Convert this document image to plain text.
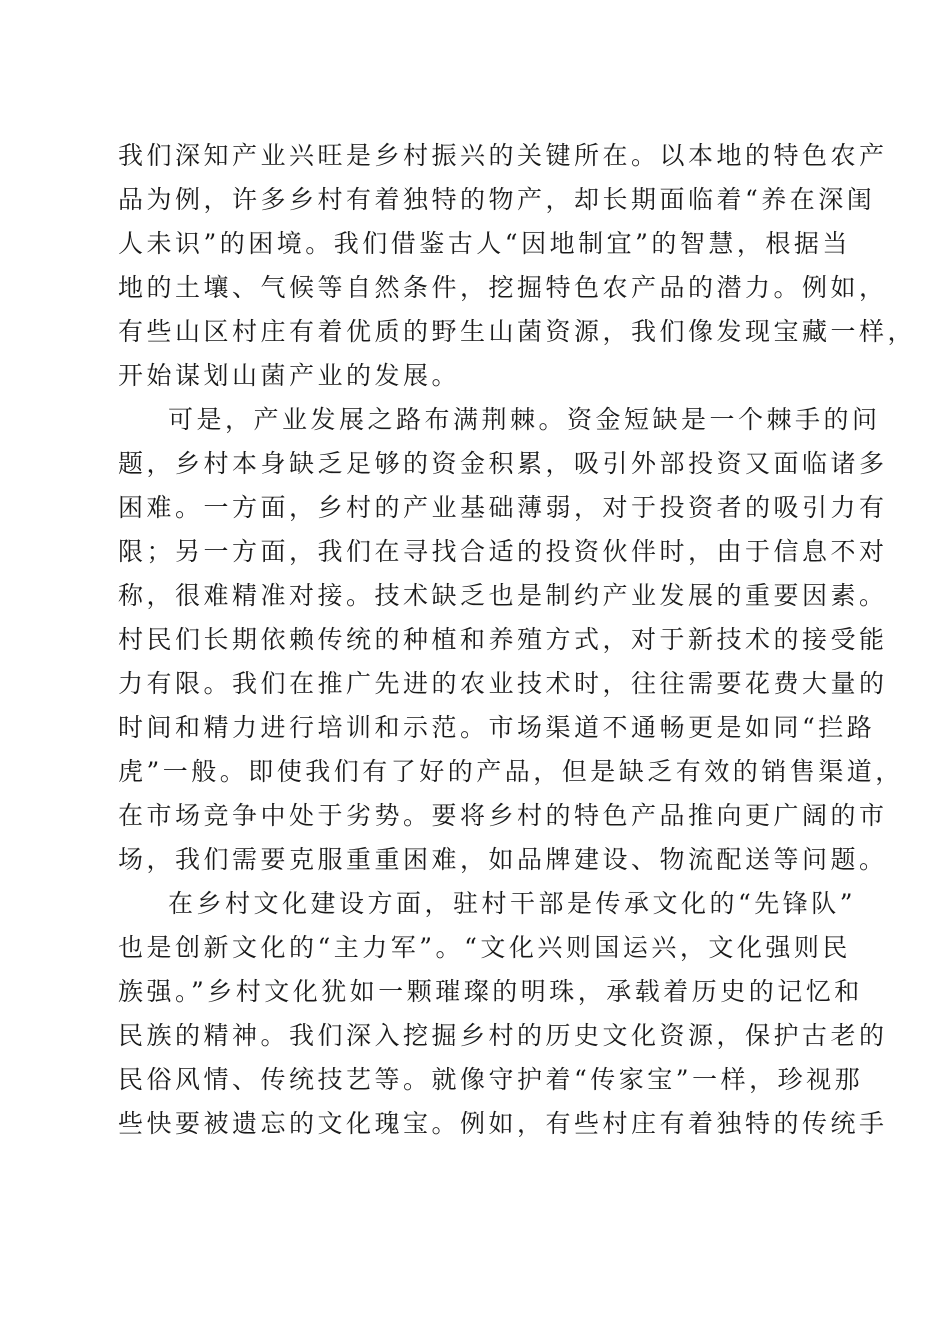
我们深知产业兴旺是乡村振兴的关键所在。以本地的特色农产
品为例，许多乡村有着独特的物产，却长期面临着“养在深闺
人未识”的困境。我们借鉴古人“因地制宜”的智慧，根据当
地的土壤、气候等自然条件，挖掘特色农产品的潜力。例如，
有些山区村庄有着优质的野生山菌资源，我们像发现宝藏一样，
开始谋划山菌产业的发展。
可是，产业发展之路布满荆棘。资金短缺是一个棘手的问
题，乡村本身缺乏足够的资金积累，吸引外部投资又面临诸多
困难。一方面，乡村的产业基础薄弱，对于投资者的吸引力有
限；另一方面，我们在寻找合适的投资伙伴时，由于信息不对
称，很难精准对接。技术缺乏也是制约产业发展的重要因素。
村民们长期依赖传统的种植和养殖方式，对于新技术的接受能
力有限。我们在推广先进的农业技术时，往往需要花费大量的
时间和精力进行培训和示范。市场渠道不通畅更是如同“拦路
虎”一般。即使我们有了好的产品，但是缺乏有效的销售渠道，
在市场竞争中处于劣势。要将乡村的特色产品推向更广阔的市
场，我们需要克服重重困难，如品牌建设、物流配送等问题。
在乡村文化建设方面，驻村干部是传承文化的“先锋队”
也是创新文化的“主力军”。“文化兴则国运兴，文化强则民
族强。”乡村文化犹如一颗璀璨的明珠，承载着历史的记忆和
民族的精神。我们深入挖掘乡村的历史文化资源，保护古老的
民俗风情、传统技艺等。就像守护着“传家宝”一样，珍视那
些快要被遗忘的文化瑰宝。例如，有些村庄有着独特的传统手
